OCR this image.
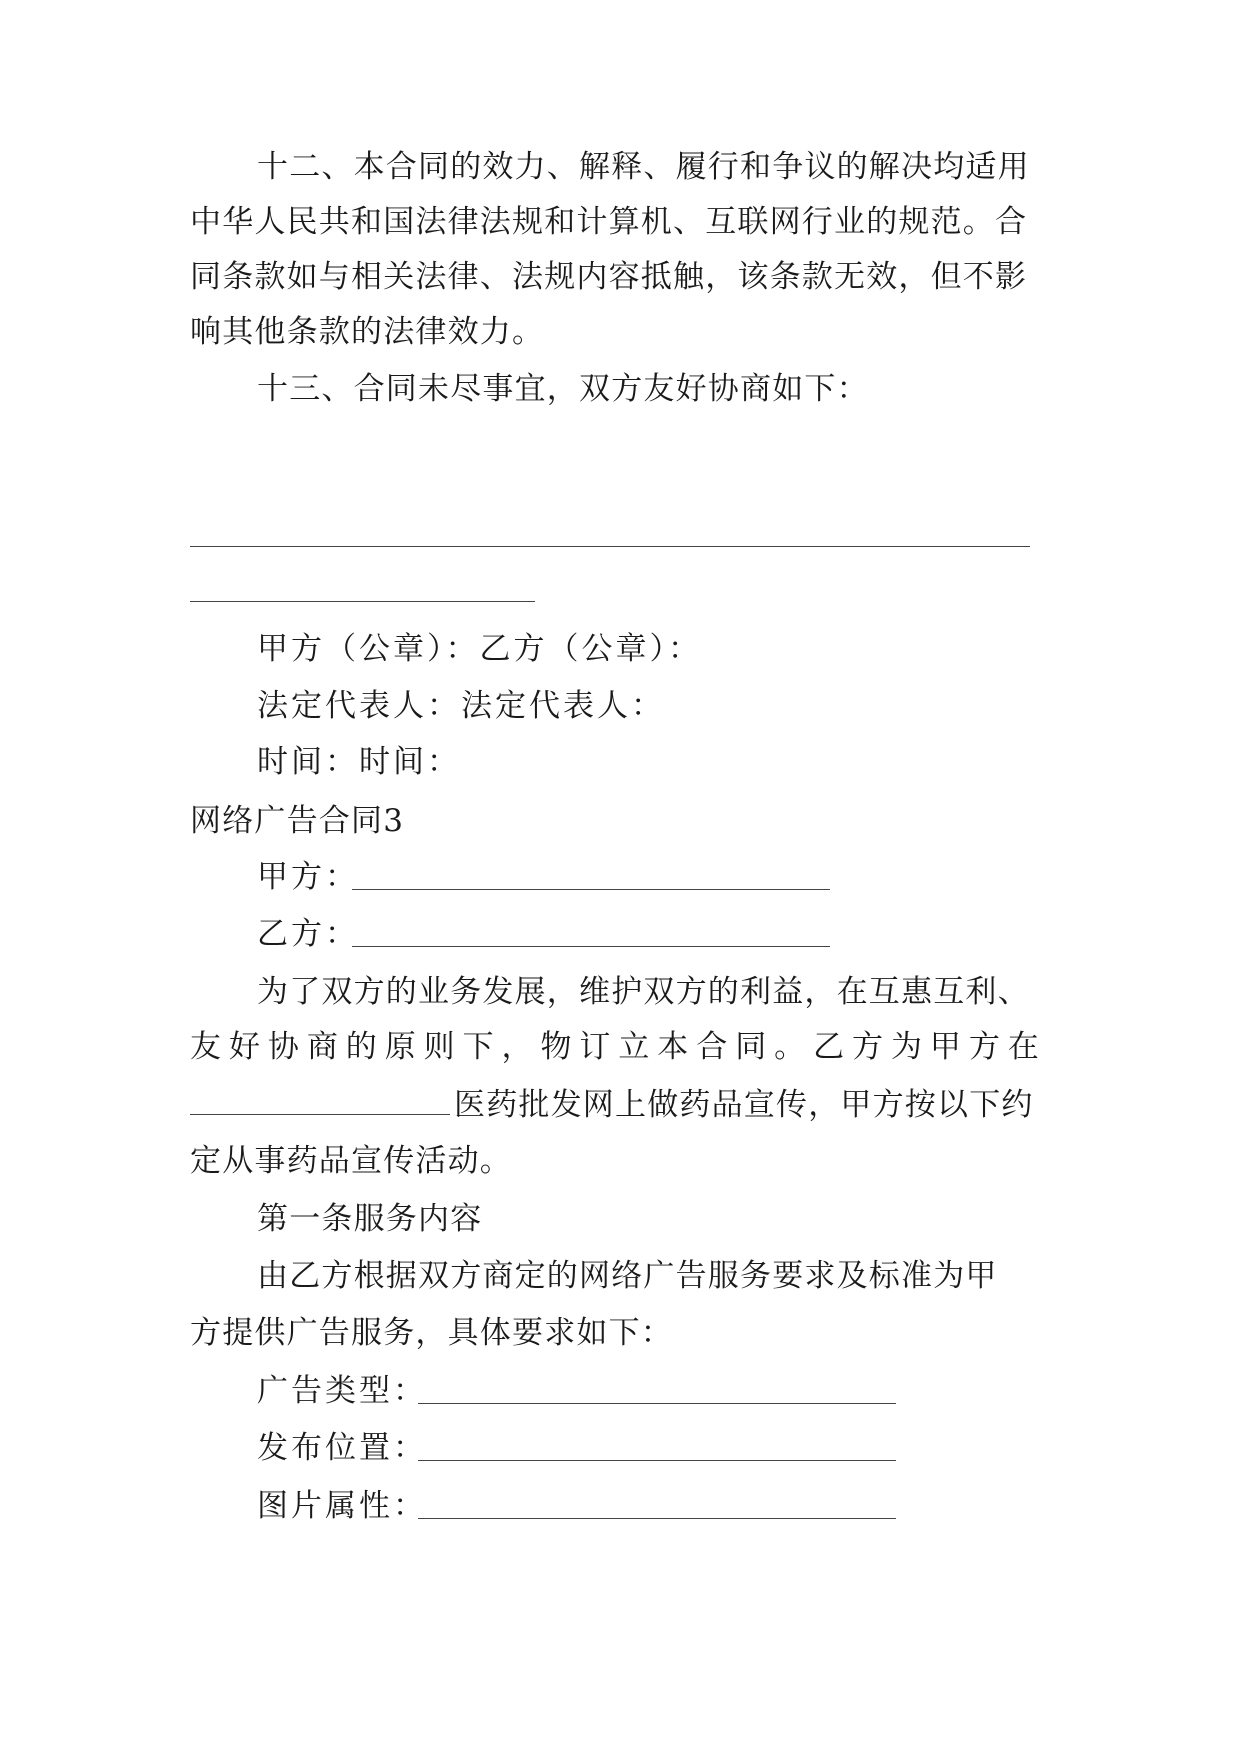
十二、本合同的效力、解释、履行和争议的解决均适用
中华人民共和国法律法规和计算机、互联网行业的规范。合
同条款如与相关法律、法规内容抵触，该条款无效，但不影
响其他条款的法律效力。
十三、合同未尽事宜，双方友好协商如下：
甲方（公章）：乙方（公章）：
法定代表人：法定代表人：
时间：时间：
网络广告合同3
甲方：
乙方：
为了双方的业务发展，维护双方的利益，在互惠互利、
友好协商的原则下，物订立本合同。乙方为甲方在
医药批发网上做药品宣传，甲方按以下约
定从事药品宣传活动。
第一条服务内容
由乙方根据双方商定的网络广告服务要求及标准为甲
方提供广告服务，具体要求如下：
广告类型：
发布位置：
图片属性：
